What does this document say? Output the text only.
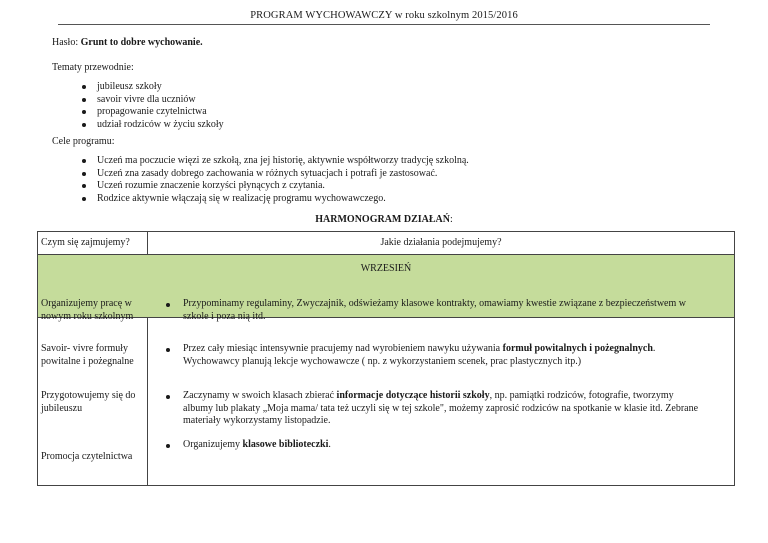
PROGRAM WYCHOWAWCZY w roku szkolnym 2015/2016
Hasło: Grunt to dobre wychowanie.
Tematy przewodnie:
jubileusz szkoły
savoir vivre dla uczniów
propagowanie czytelnictwa
udział rodziców w życiu szkoły
Cele programu:
Uczeń ma poczucie więzi ze szkołą, zna jej historię, aktywnie współtworzy tradycję szkolną.
Uczeń zna zasady dobrego zachowania w różnych sytuacjach i potrafi je zastosować.
Uczeń rozumie znaczenie korzyści płynących z czytania.
Rodzice aktywnie włączają się w realizację programu wychowawczego.
HARMONOGRAM DZIAŁAŃ:
Czym się zajmujemy?	Jakie działania podejmujemy?
WRZESIEŃ
Organizujemy pracę w
nowym roku szkolnym
Przypominamy regulaminy, Zwyczajnik, odświeżamy klasowe kontrakty, omawiamy kwestie związane z bezpieczeństwem w
szkole i poza nią itd.
Savoir- vivre formuły
powitalne i pożegnalne
Przez cały miesiąc intensywnie pracujemy nad wyrobieniem nawyku używania formuł powitalnych i pożegnalnych.
Wychowawcy planują lekcje wychowawcze ( np. z wykorzystaniem scenek, prac plastycznych itp.)
Przygotowujemy się do
jubileuszu
Zaczynamy w swoich klasach zbierać informacje dotyczące historii szkoły, np. pamiątki rodziców, fotografie, tworzymy
albumy lub plakaty „Moja mama/ tata też uczyli się w tej szkole", możemy zaprosić rodziców na spotkanie w klasie itd. Zebrane
materiały wykorzystamy listopadzie.
Promocja czytelnictwa
Organizujemy klasowe biblioteczki.
